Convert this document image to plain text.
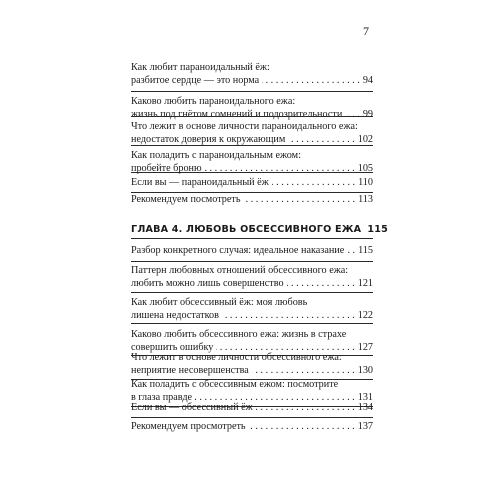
7
Как любит параноидальный ёж:
разбитое сердце — это норма . . .	94
Каково любить параноидального ежа:
жизнь под гнётом сомнений и подозрительности . . . 99
Что лежит в основе личности параноидального ежа:
недостаток доверия к окружающим . . .	102
Как поладить с параноидальным ежом:
пробейте броню . . .	105
Если вы — параноидальный ёж . . .	110
Рекомендуем посмотреть . . .	113
ГЛАВА 4. ЛЮБОВЬ ОБСЕССИВНОГО ЕЖА 115
Разбор конкретного случая: идеальное наказание . . . 115
Паттерн любовных отношений обсессивного ежа:
любить можно лишь совершенство . . .	121
Как любит обсессивный ёж: моя любовь
лишена недостатков . . .	122
Каково любить обсессивного ежа: жизнь в страхе
совершить ошибку . . .	127
Что лежит в основе личности обсессивного ежа:
неприятие несовершенства . . .	130
Как поладить с обсессивным ежом: посмотрите
в глаза правде . . .	131
Если вы — обсессивный ёж . . .	134
Рекомендуем просмотреть . . .	137
